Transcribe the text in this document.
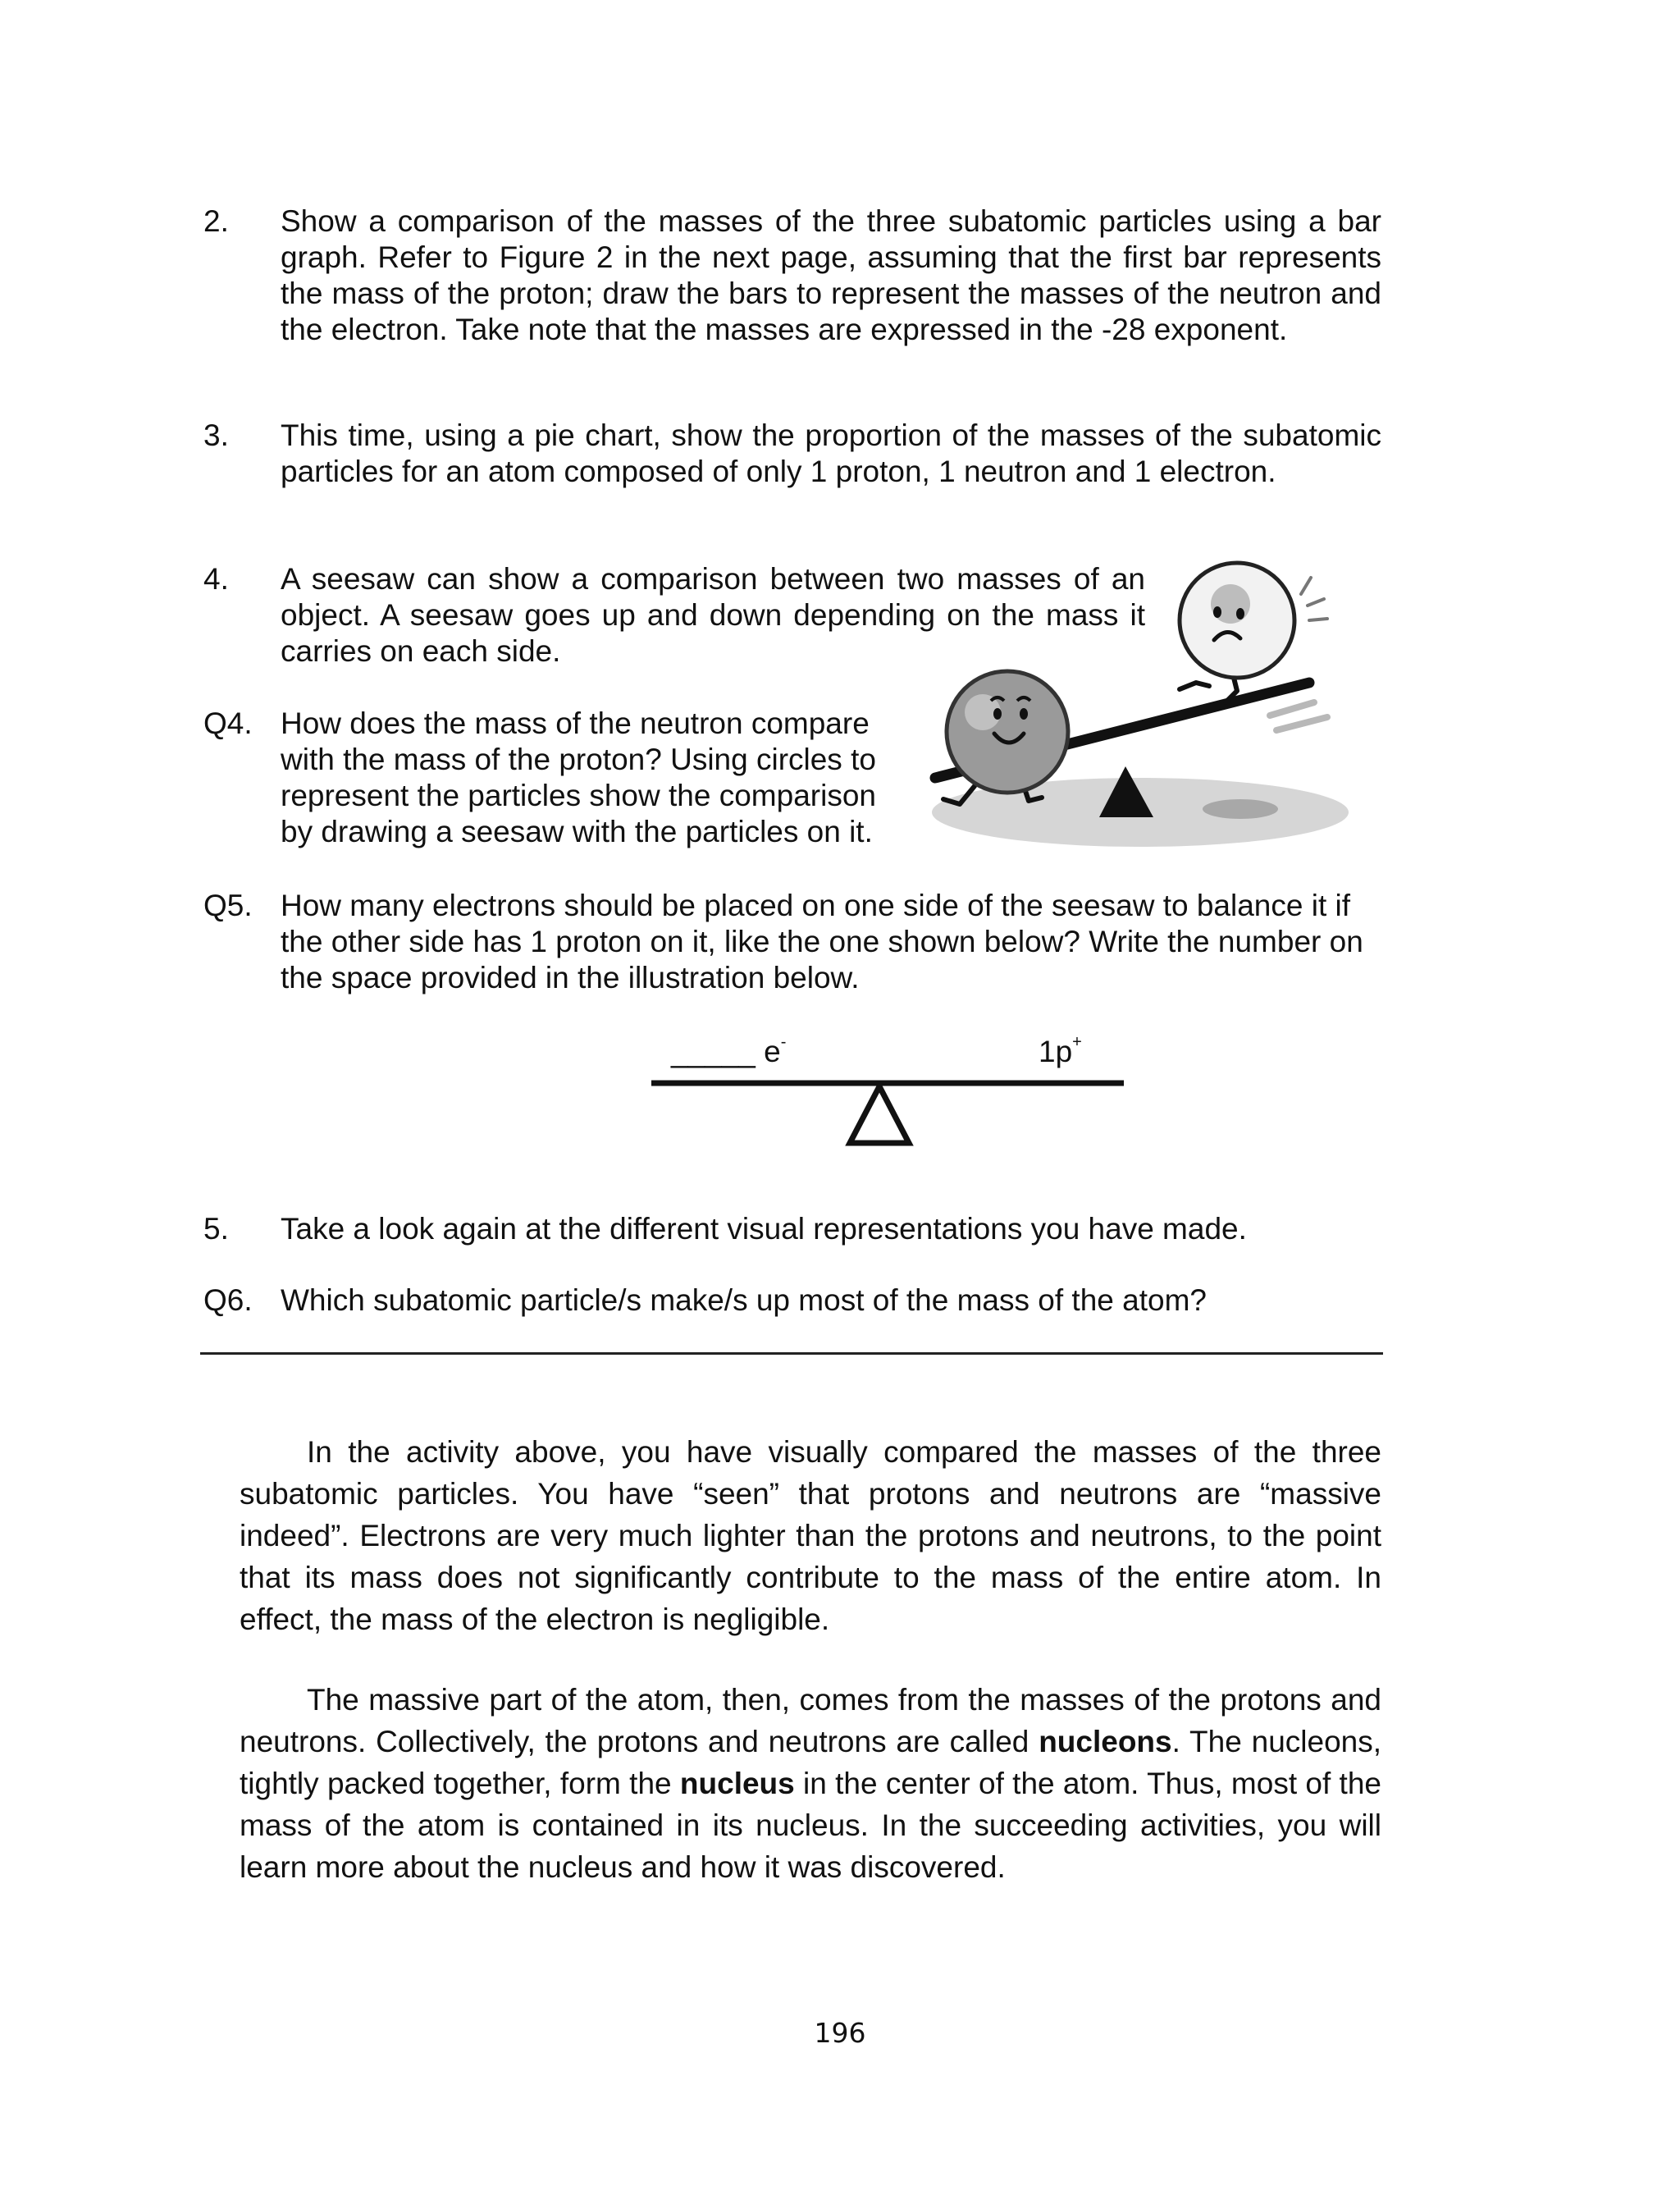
2. Show a comparison of the masses of the three subatomic particles using a bar graph. Refer to Figure 2 in the next page, assuming that the first bar represents the mass of the proton; draw the bars to represent the masses of the neutron and the electron. Take note that the masses are expressed in the -28 exponent.
3. This time, using a pie chart, show the proportion of the masses of the subatomic particles for an atom composed of only 1 proton, 1 neutron and 1 electron.
4. A seesaw can show a comparison between two masses of an object. A seesaw goes up and down depending on the mass it carries on each side.
Q4. How does the mass of the neutron compare with the mass of the proton? Using circles to represent the particles show the comparison by drawing a seesaw with the particles on it.
Q5. How many electrons should be placed on one side of the seesaw to balance it if the other side has 1 proton on it, like the one shown below? Write the number on the space provided in the illustration below.
_____ e-	1p+
5. Take a look again at the different visual representations you have made.
Q6. Which subatomic particle/s make/s up most of the mass of the atom?

In the activity above, you have visually compared the masses of the three subatomic particles. You have “seen” that protons and neutrons are “massive indeed”. Electrons are very much lighter than the protons and neutrons, to the point that its mass does not significantly contribute to the mass of the entire atom. In effect, the mass of the electron is negligible.

The massive part of the atom, then, comes from the masses of the protons and neutrons. Collectively, the protons and neutrons are called nucleons. The nucleons, tightly packed together, form the nucleus in the center of the atom. Thus, most of the mass of the atom is contained in its nucleus. In the succeeding activities, you will learn more about the nucleus and how it was discovered.

196
